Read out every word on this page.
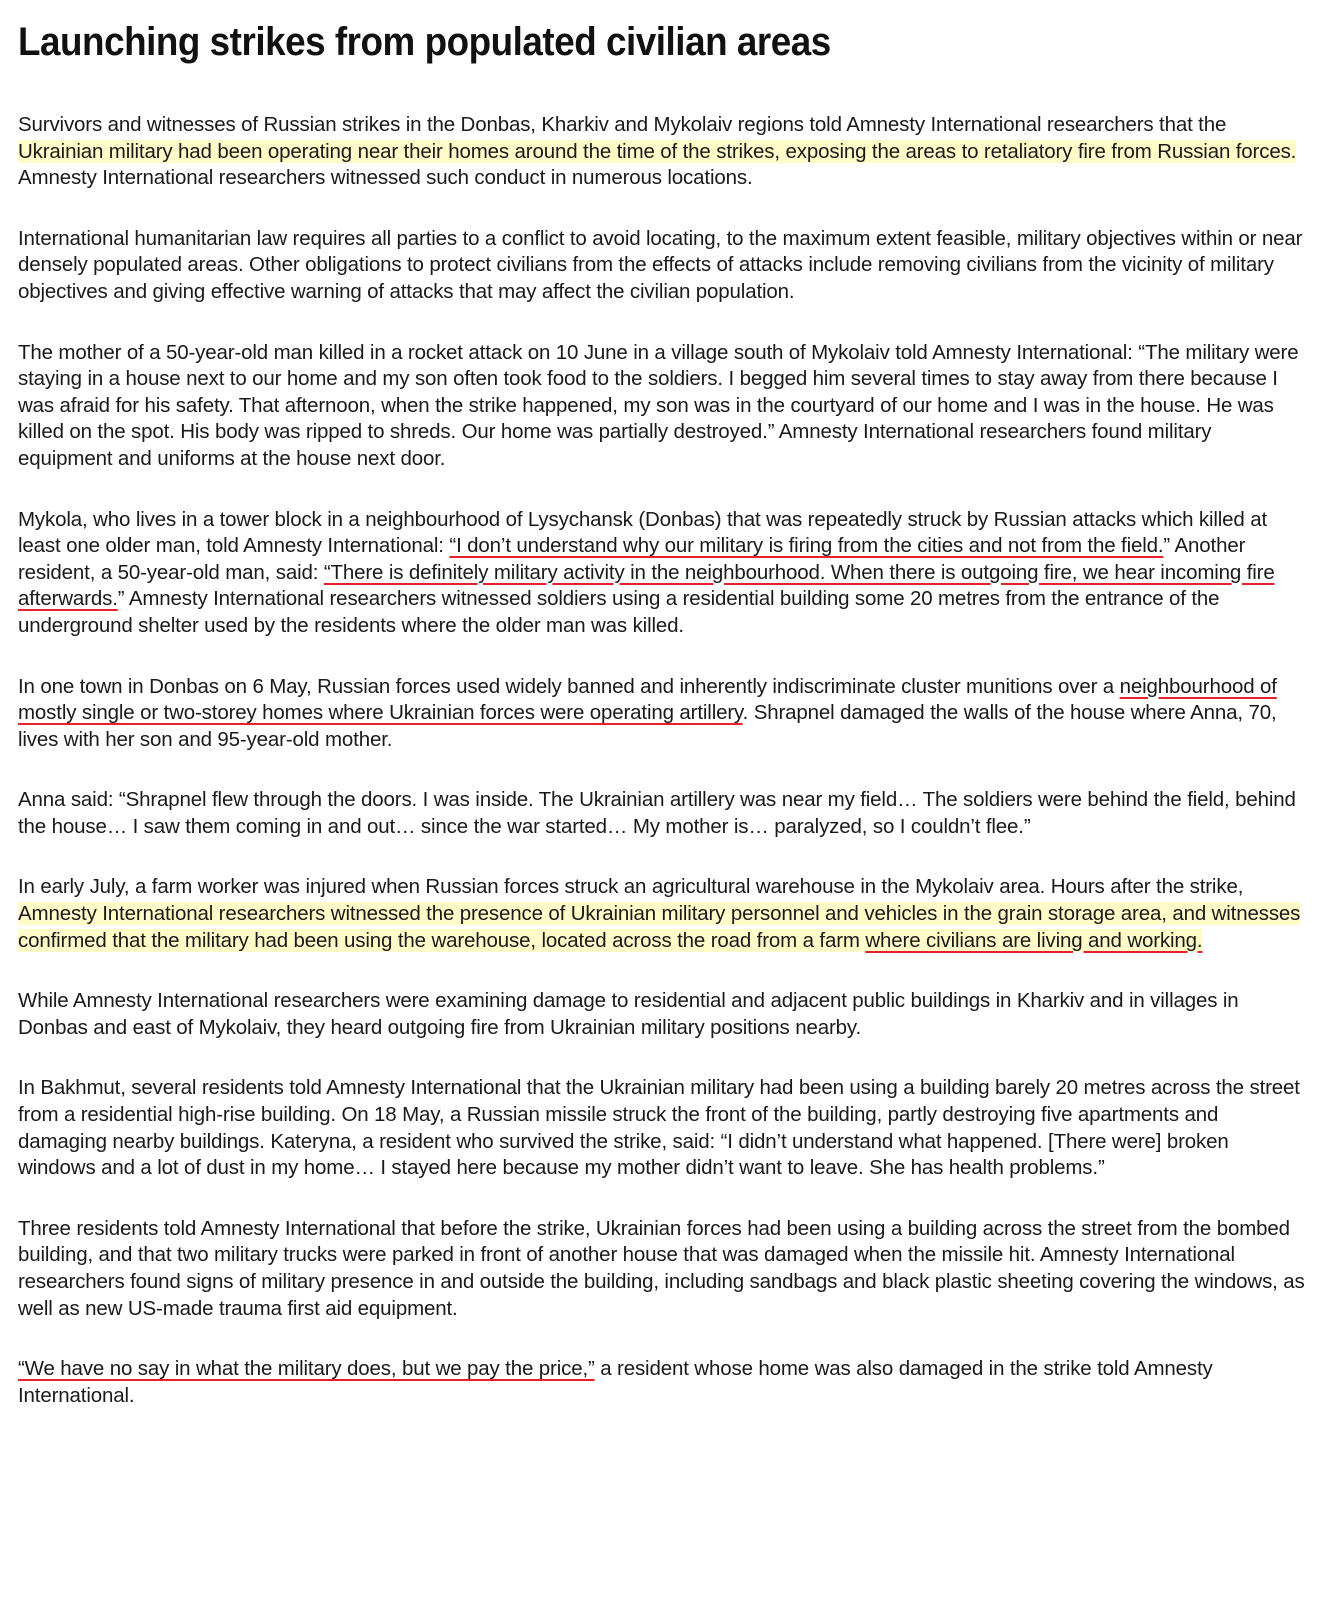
Launching strikes from populated civilian areas

Survivors and witnesses of Russian strikes in the Donbas, Kharkiv and Mykolaiv regions told Amnesty International researchers that the Ukrainian military had been operating near their homes around the time of the strikes, exposing the areas to retaliatory fire from Russian forces. Amnesty International researchers witnessed such conduct in numerous locations.

International humanitarian law requires all parties to a conflict to avoid locating, to the maximum extent feasible, military objectives within or near densely populated areas. Other obligations to protect civilians from the effects of attacks include removing civilians from the vicinity of military objectives and giving effective warning of attacks that may affect the civilian population.

The mother of a 50-year-old man killed in a rocket attack on 10 June in a village south of Mykolaiv told Amnesty International: “The military were staying in a house next to our home and my son often took food to the soldiers. I begged him several times to stay away from there because I was afraid for his safety. That afternoon, when the strike happened, my son was in the courtyard of our home and I was in the house. He was killed on the spot. His body was ripped to shreds. Our home was partially destroyed.” Amnesty International researchers found military equipment and uniforms at the house next door.

Mykola, who lives in a tower block in a neighbourhood of Lysychansk (Donbas) that was repeatedly struck by Russian attacks which killed at least one older man, told Amnesty International: “I don’t understand why our military is firing from the cities and not from the field.” Another resident, a 50-year-old man, said: “There is definitely military activity in the neighbourhood. When there is outgoing fire, we hear incoming fire afterwards.” Amnesty International researchers witnessed soldiers using a residential building some 20 metres from the entrance of the underground shelter used by the residents where the older man was killed.

In one town in Donbas on 6 May, Russian forces used widely banned and inherently indiscriminate cluster munitions over a neighbourhood of mostly single or two-storey homes where Ukrainian forces were operating artillery. Shrapnel damaged the walls of the house where Anna, 70, lives with her son and 95-year-old mother.

Anna said: “Shrapnel flew through the doors. I was inside. The Ukrainian artillery was near my field… The soldiers were behind the field, behind the house… I saw them coming in and out… since the war started… My mother is… paralyzed, so I couldn’t flee.”

In early July, a farm worker was injured when Russian forces struck an agricultural warehouse in the Mykolaiv area. Hours after the strike, Amnesty International researchers witnessed the presence of Ukrainian military personnel and vehicles in the grain storage area, and witnesses confirmed that the military had been using the warehouse, located across the road from a farm where civilians are living and working.

While Amnesty International researchers were examining damage to residential and adjacent public buildings in Kharkiv and in villages in Donbas and east of Mykolaiv, they heard outgoing fire from Ukrainian military positions nearby.

In Bakhmut, several residents told Amnesty International that the Ukrainian military had been using a building barely 20 metres across the street from a residential high-rise building. On 18 May, a Russian missile struck the front of the building, partly destroying five apartments and damaging nearby buildings. Kateryna, a resident who survived the strike, said: “I didn’t understand what happened. [There were] broken windows and a lot of dust in my home… I stayed here because my mother didn’t want to leave. She has health problems.”

Three residents told Amnesty International that before the strike, Ukrainian forces had been using a building across the street from the bombed building, and that two military trucks were parked in front of another house that was damaged when the missile hit. Amnesty International researchers found signs of military presence in and outside the building, including sandbags and black plastic sheeting covering the windows, as well as new US-made trauma first aid equipment.

“We have no say in what the military does, but we pay the price,” a resident whose home was also damaged in the strike told Amnesty International.
